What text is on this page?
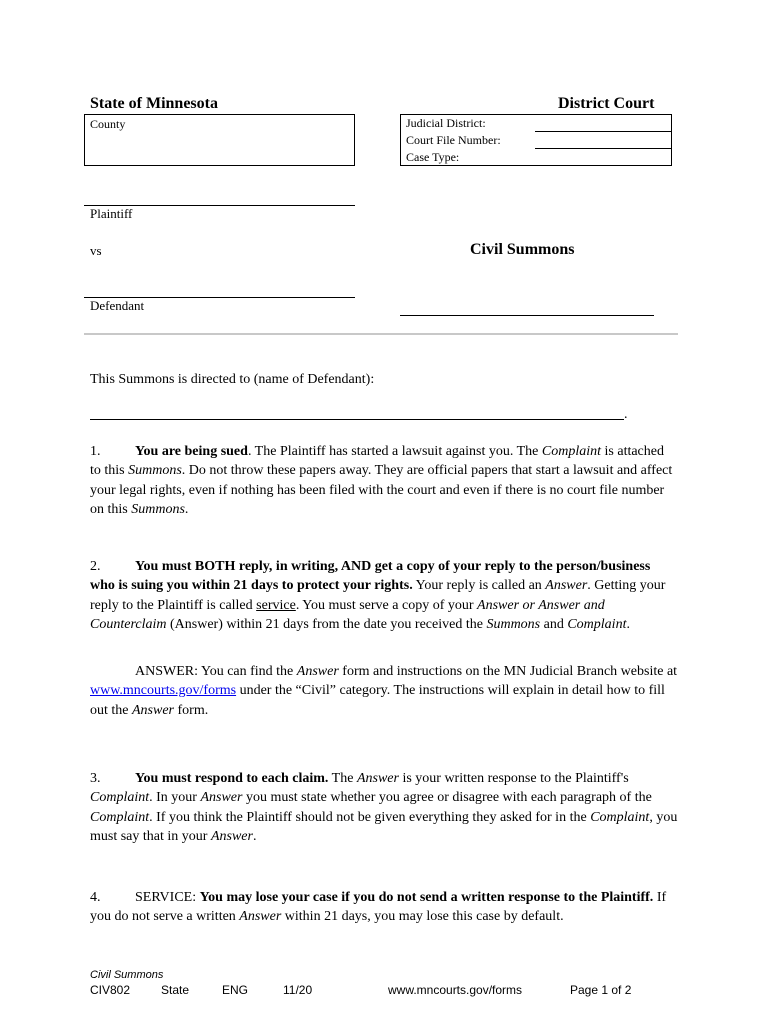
State of Minnesota	District Court
County	Judicial District:
Court File Number:
Case Type:
Plaintiff
vs	Civil Summons
Defendant
This Summons is directed to (name of Defendant):
.
1. You are being sued. The Plaintiff has started a lawsuit against you. The Complaint is attached to this Summons. Do not throw these papers away. They are official papers that start a lawsuit and affect your legal rights, even if nothing has been filed with the court and even if there is no court file number on this Summons.
2. You must BOTH reply, in writing, AND get a copy of your reply to the person/business who is suing you within 21 days to protect your rights. Your reply is called an Answer. Getting your reply to the Plaintiff is called service. You must serve a copy of your Answer or Answer and Counterclaim (Answer) within 21 days from the date you received the Summons and Complaint.
ANSWER: You can find the Answer form and instructions on the MN Judicial Branch website at www.mncourts.gov/forms under the “Civil” category. The instructions will explain in detail how to fill out the Answer form.
3. You must respond to each claim. The Answer is your written response to the Plaintiff's Complaint. In your Answer you must state whether you agree or disagree with each paragraph of the Complaint. If you think the Plaintiff should not be given everything they asked for in the Complaint, you must say that in your Answer.
4. SERVICE: You may lose your case if you do not send a written response to the Plaintiff. If you do not serve a written Answer within 21 days, you may lose this case by default.
Civil Summons
CIV802	State	ENG	11/20	www.mncourts.gov/forms	Page 1 of 2
